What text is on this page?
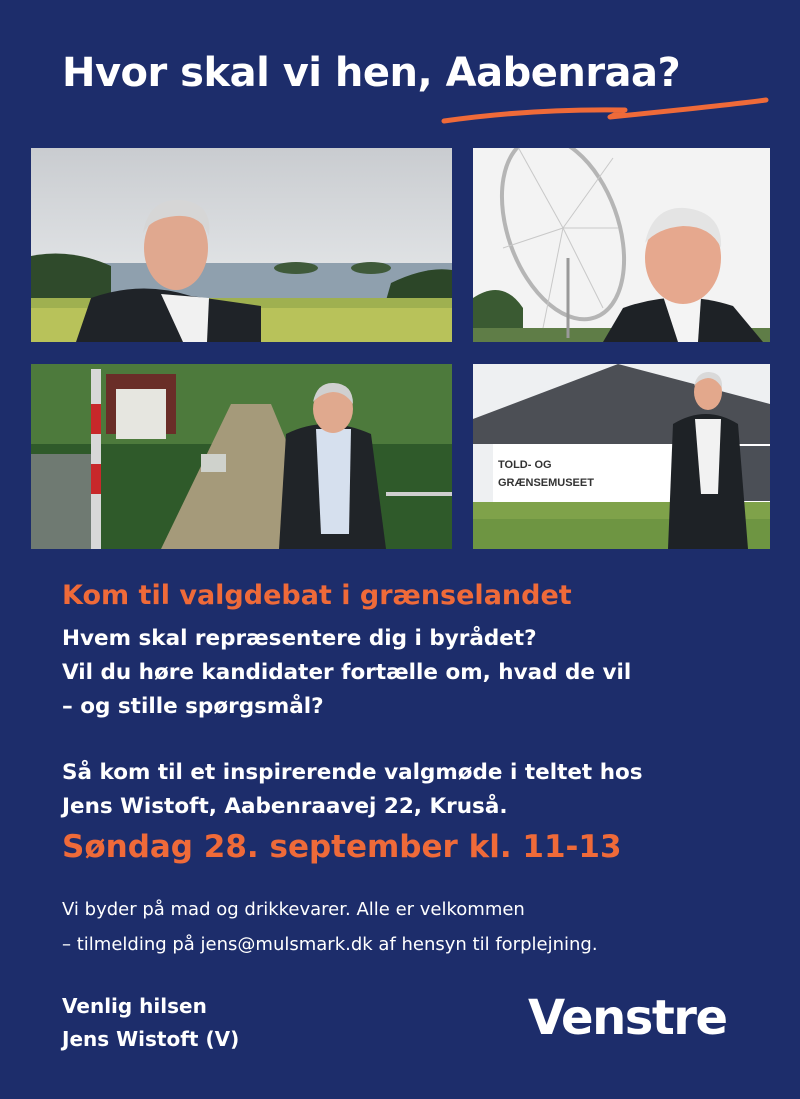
Hvor skal vi hen, Aabenraa?
TOLD- OG
GRÆNSEMUSEET
Kom til valgdebat i grænselandet
Hvem skal repræsentere dig i byrådet?
Vil du høre kandidater fortælle om, hvad de vil
– og stille spørgsmål?
Så kom til et inspirerende valgmøde i teltet hos
Jens Wistoft, Aabenraavej 22, Kruså.
Søndag 28. september kl. 11-13
Vi byder på mad og drikkevarer. Alle er velkommen
– tilmelding på jens@mulsmark.dk af hensyn til forplejning.
Venlig hilsen
Jens Wistoft (V)	Venstre
